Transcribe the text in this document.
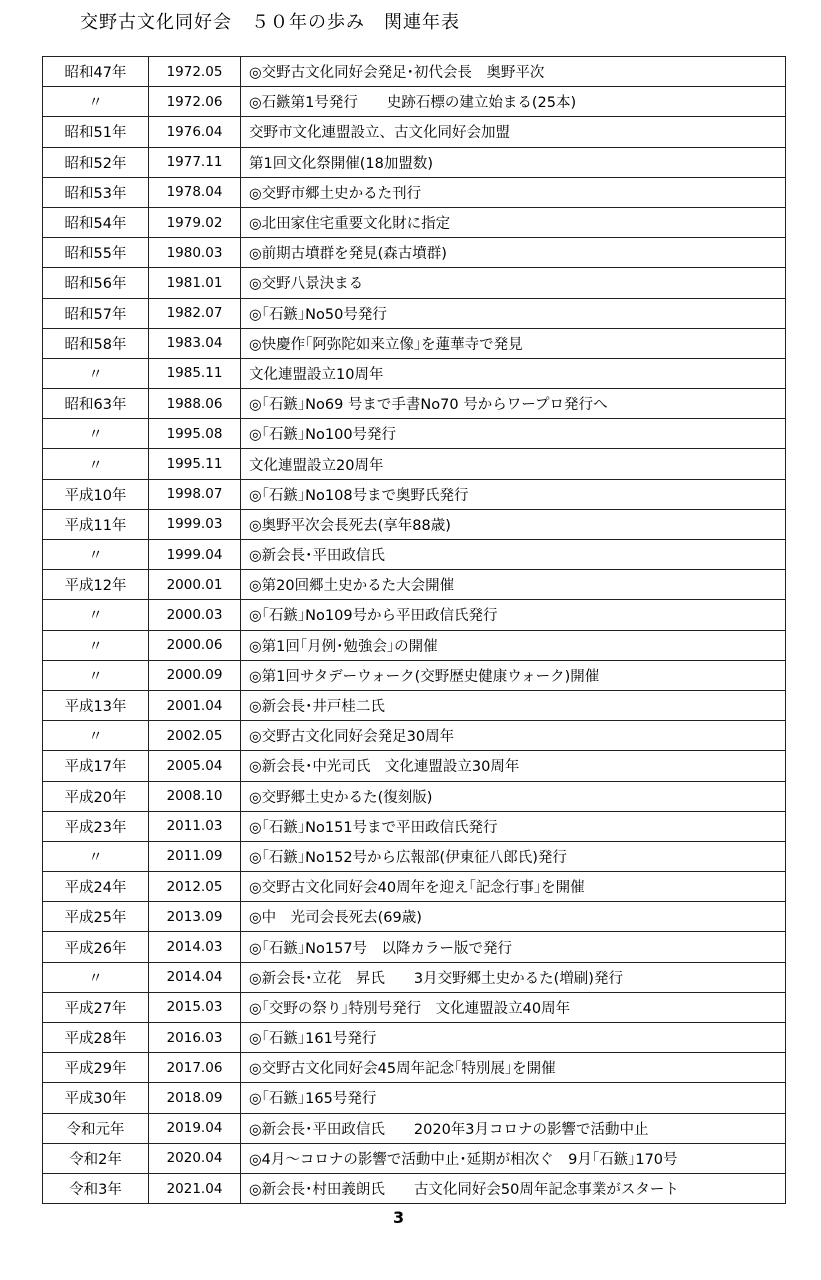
交野古文化同好会　５０年の歩み　関連年表
昭和47年	1972.05	◎交野古文化同好会発足･初代会長　奥野平次
〃	1972.06	◎石鏃第1号発行　　史跡石標の建立始まる(25本)
昭和51年	1976.04	交野市文化連盟設立、古文化同好会加盟
昭和52年	1977.11	第1回文化祭開催(18加盟数)
昭和53年	1978.04	◎交野市郷土史かるた刊行
昭和54年	1979.02	◎北田家住宅重要文化財に指定
昭和55年	1980.03	◎前期古墳群を発見(森古墳群)
昭和56年	1981.01	◎交野八景決まる
昭和57年	1982.07	◎｢石鏃｣No50号発行
昭和58年	1983.04	◎快慶作｢阿弥陀如来立像｣を蓮華寺で発見
〃	1985.11	文化連盟設立10周年
昭和63年	1988.06	◎｢石鏃｣No69 号まで手書No70 号からワープロ発行へ
〃	1995.08	◎｢石鏃｣No100号発行
〃	1995.11	文化連盟設立20周年
平成10年	1998.07	◎｢石鏃｣No108号まで奥野氏発行
平成11年	1999.03	◎奥野平次会長死去(享年88歳)
〃	1999.04	◎新会長･平田政信氏
平成12年	2000.01	◎第20回郷土史かるた大会開催
〃	2000.03	◎｢石鏃｣No109号から平田政信氏発行
〃	2000.06	◎第1回｢月例･勉強会｣の開催
〃	2000.09	◎第1回サタデーウォーク(交野歴史健康ウォーク)開催
平成13年	2001.04	◎新会長･井戸桂二氏
〃	2002.05	◎交野古文化同好会発足30周年
平成17年	2005.04	◎新会長･中光司氏　文化連盟設立30周年
平成20年	2008.10	◎交野郷土史かるた(復刻版)
平成23年	2011.03	◎｢石鏃｣No151号まで平田政信氏発行
〃	2011.09	◎｢石鏃｣No152号から広報部(伊東征八郎氏)発行
平成24年	2012.05	◎交野古文化同好会40周年を迎え｢記念行事｣を開催
平成25年	2013.09	◎中　光司会長死去(69歳)
平成26年	2014.03	◎｢石鏃｣No157号　以降カラー版で発行
〃	2014.04	◎新会長･立花　昇氏　　3月交野郷土史かるた(増刷)発行
平成27年	2015.03	◎｢交野の祭り｣特別号発行　文化連盟設立40周年
平成28年	2016.03	◎｢石鏃｣161号発行
平成29年	2017.06	◎交野古文化同好会45周年記念｢特別展｣を開催
平成30年	2018.09	◎｢石鏃｣165号発行
令和元年	2019.04	◎新会長･平田政信氏　　2020年3月コロナの影響で活動中止
令和2年	2020.04	◎4月～コロナの影響で活動中止･延期が相次ぐ　9月｢石鏃｣170号
令和3年	2021.04	◎新会長･村田義朗氏　　古文化同好会50周年記念事業がスタート
3
